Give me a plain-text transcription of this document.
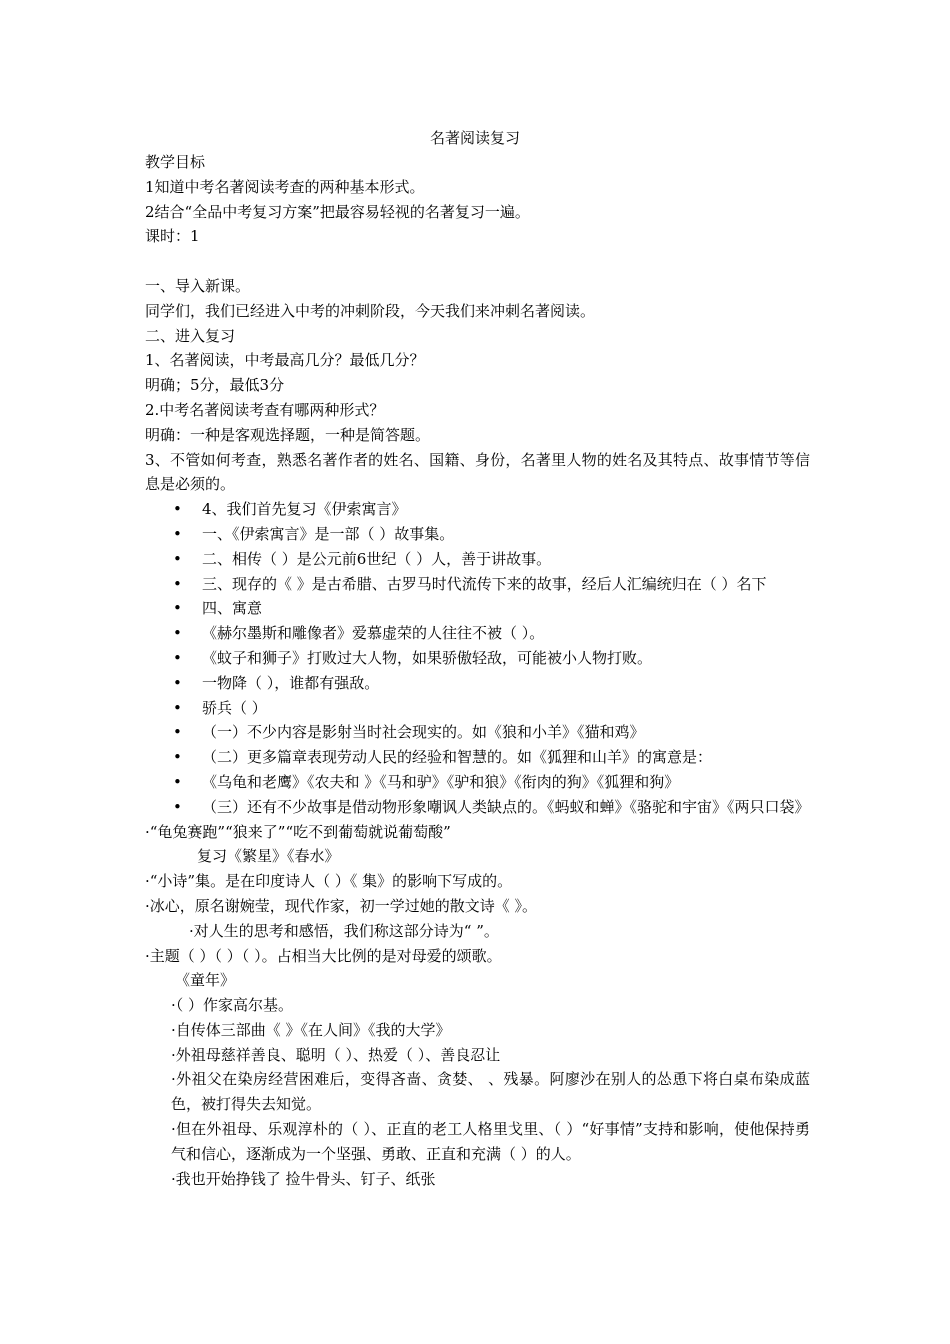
名著阅读复习

教学目标

1知道中考名著阅读考查的两种基本形式。

2结合“全品中考复习方案”把最容易轻视的名著复习一遍。

课时：1

一、导入新课。

同学们，我们已经进入中考的冲刺阶段，今天我们来冲刺名著阅读。

二、进入复习

1、名著阅读，中考最高几分？最低几分？

明确；5分，最低3分

2.中考名著阅读考查有哪两种形式？

明确：一种是客观选择题，一种是简答题。

3、不管如何考查，熟悉名著作者的姓名、国籍、身份，名著里人物的姓名及其特点、故事情节等信息是必须的。

• 4、我们首先复习《伊索寓言》
• 一、《伊索寓言》是一部（ ）故事集。
• 二、相传（ ）是公元前6世纪（ ）人，善于讲故事。
• 三、现存的《 》是古希腊、古罗马时代流传下来的故事，经后人汇编统归在（ ）名下
• 四、寓意
• 《赫尔墨斯和雕像者》爱慕虚荣的人往往不被（ ）。
• 《蚊子和狮子》打败过大人物，如果骄傲轻敌，可能被小人物打败。
• 一物降（ ），谁都有强敌。
• 骄兵（ ）
• （一）不少内容是影射当时社会现实的。如《狼和小羊》《猫和鸡》
• （二）更多篇章表现劳动人民的经验和智慧的。如《狐狸和山羊》的寓意是：
• 《乌龟和老鹰》《农夫和 》《马和驴》《驴和狼》《衔肉的狗》《狐狸和狗》
• （三）还有不少故事是借动物形象嘲讽人类缺点的。《蚂蚁和蝉》《骆驼和宇宙》《两只口袋》

·“龟兔赛跑”“狼来了”“吃不到葡萄就说葡萄酸”

复习《繁星》《春水》

·“小诗”集。是在印度诗人（ ）《 集》的影响下写成的。

·冰心，原名谢婉莹，现代作家，初一学过她的散文诗《 》。

·对人生的思考和感悟，我们称这部分诗为“ ”。

·主题（ ）（ ）（ ）。占相当大比例的是对母爱的颂歌。

《童年》

·（ ）作家高尔基。

·自传体三部曲《 》《在人间》《我的大学》

·外祖母慈祥善良、聪明（ ）、热爱（ ）、善良忍让

·外祖父在染房经营困难后，变得吝啬、贪婪、 、残暴。阿廖沙在别人的怂恿下将白桌布染成蓝色，被打得失去知觉。

·但在外祖母、乐观淳朴的（ ）、正直的老工人格里戈里、（ ）“好事情”支持和影响，使他保持勇气和信心，逐渐成为一个坚强、勇敢、正直和充满（ ）的人。

·我也开始挣钱了 捡牛骨头、钉子、纸张
